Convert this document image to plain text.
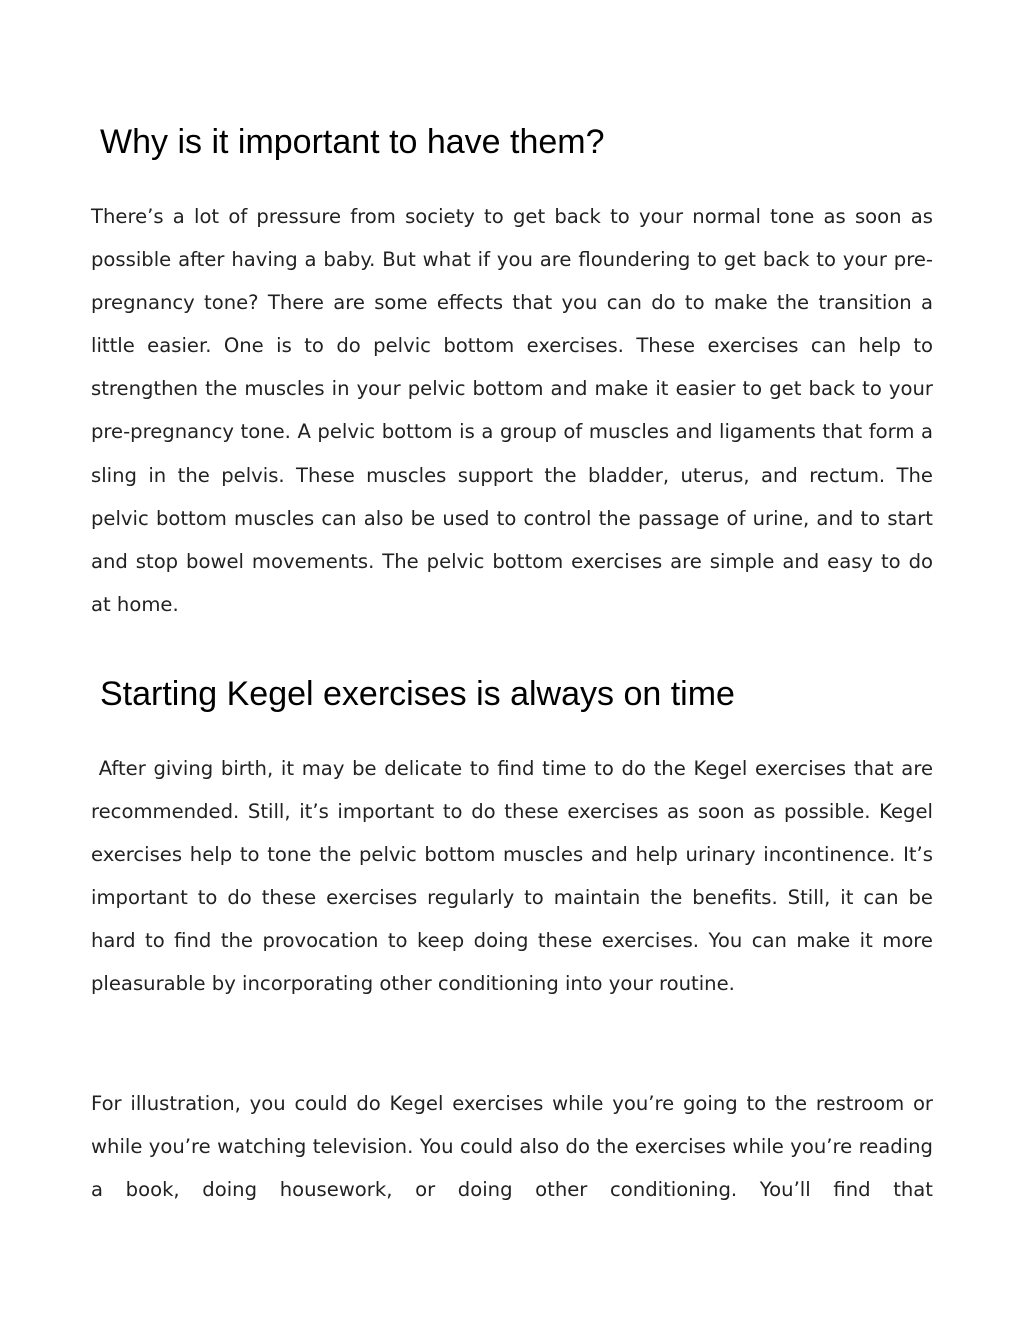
Why is it important to have them?

There’s a lot of pressure from society to get back to your normal tone as soon as possible after having a baby. But what if you are floundering to get back to your pre-pregnancy tone? There are some effects that you can do to make the transition a little easier. One is to do pelvic bottom exercises. These exercises can help to strengthen the muscles in your pelvic bottom and make it easier to get back to your pre-pregnancy tone. A pelvic bottom is a group of muscles and ligaments that form a sling in the pelvis. These muscles support the bladder, uterus, and rectum. The pelvic bottom muscles can also be used to control the passage of urine, and to start and stop bowel movements. The pelvic bottom exercises are simple and easy to do at home.

Starting Kegel exercises is always on time

After giving birth, it may be delicate to find time to do the Kegel exercises that are recommended. Still, it’s important to do these exercises as soon as possible. Kegel exercises help to tone the pelvic bottom muscles and help urinary incontinence. It’s important to do these exercises regularly to maintain the benefits. Still, it can be hard to find the provocation to keep doing these exercises. You can make it more pleasurable by incorporating other conditioning into your routine.

For illustration, you could do Kegel exercises while you’re going to the restroom or while you’re watching television. You could also do the exercises while you’re reading a book, doing housework, or doing other conditioning. You’ll find that
